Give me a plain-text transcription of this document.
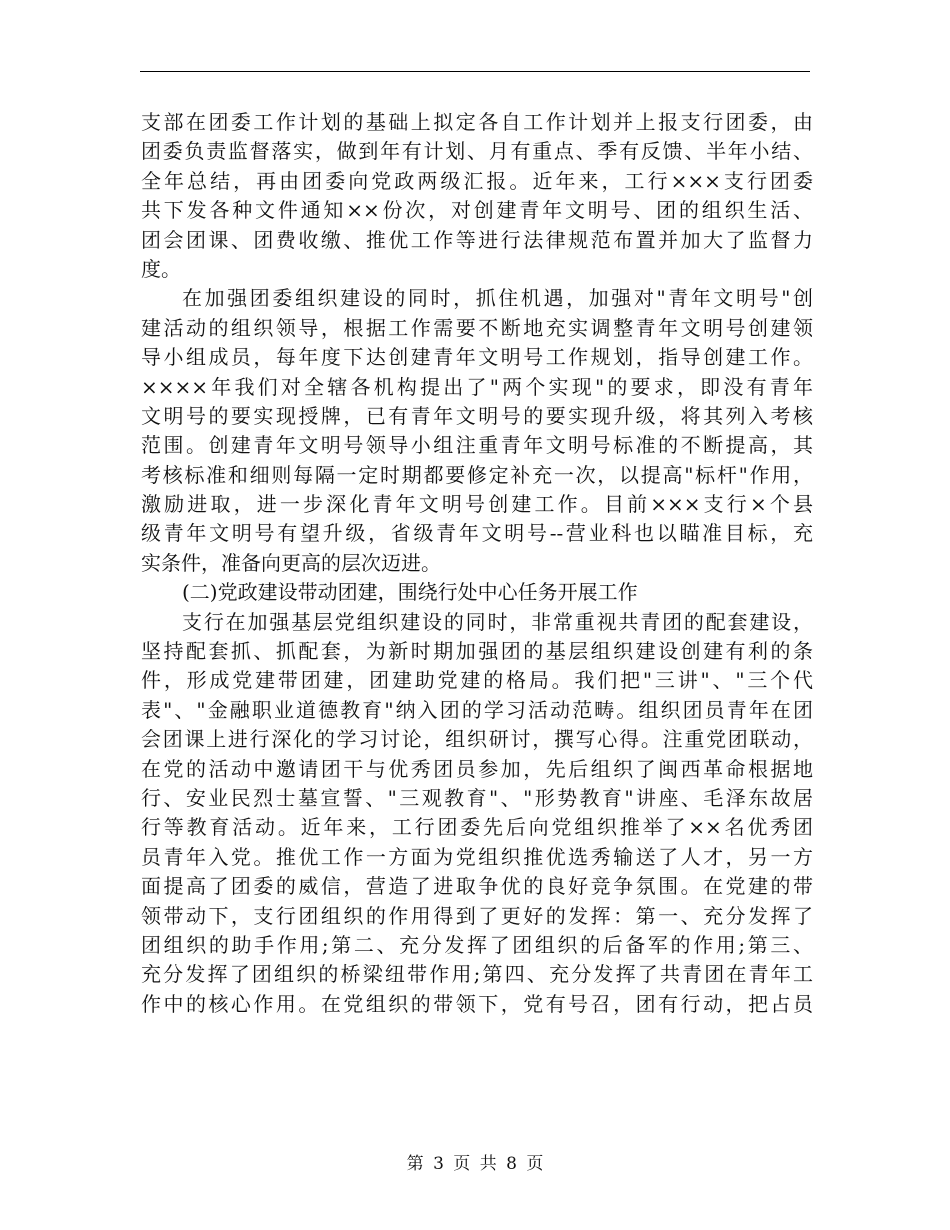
支部在团委工作计划的基础上拟定各自工作计划并上报支行团委，由
团委负责监督落实，做到年有计划、月有重点、季有反馈、半年小结、
全年总结，再由团委向党政两级汇报。近年来，工行×××支行团委
共下发各种文件通知××份次，对创建青年文明号、团的组织生活、
团会团课、团费收缴、推优工作等进行法律规范布置并加大了监督力
度。
在加强团委组织建设的同时，抓住机遇，加强对"青年文明号"创
建活动的组织领导，根据工作需要不断地充实调整青年文明号创建领
导小组成员，每年度下达创建青年文明号工作规划，指导创建工作。
××××年我们对全辖各机构提出了"两个实现"的要求，即没有青年
文明号的要实现授牌，已有青年文明号的要实现升级，将其列入考核
范围。创建青年文明号领导小组注重青年文明号标准的不断提高，其
考核标准和细则每隔一定时期都要修定补充一次，以提高"标杆"作用，
激励进取，进一步深化青年文明号创建工作。目前×××支行×个县
级青年文明号有望升级，省级青年文明号--营业科也以瞄准目标，充
实条件，准备向更高的层次迈进。
(二)党政建设带动团建，围绕行处中心任务开展工作
支行在加强基层党组织建设的同时，非常重视共青团的配套建设，
坚持配套抓、抓配套，为新时期加强团的基层组织建设创建有利的条
件，形成党建带团建，团建助党建的格局。我们把"三讲"、"三个代
表"、"金融职业道德教育"纳入团的学习活动范畴。组织团员青年在团
会团课上进行深化的学习讨论，组织研讨，撰写心得。注重党团联动，
在党的活动中邀请团干与优秀团员参加，先后组织了闽西革命根据地
行、安业民烈士墓宣誓、"三观教育"、"形势教育"讲座、毛泽东故居
行等教育活动。近年来，工行团委先后向党组织推举了××名优秀团
员青年入党。推优工作一方面为党组织推优选秀输送了人才，另一方
面提高了团委的威信，营造了进取争优的良好竞争氛围。在党建的带
领带动下，支行团组织的作用得到了更好的发挥：第一、充分发挥了
团组织的助手作用;第二、充分发挥了团组织的后备军的作用;第三、
充分发挥了团组织的桥梁纽带作用;第四、充分发挥了共青团在青年工
作中的核心作用。在党组织的带领下，党有号召，团有行动，把占员
第 3 页 共 8 页
